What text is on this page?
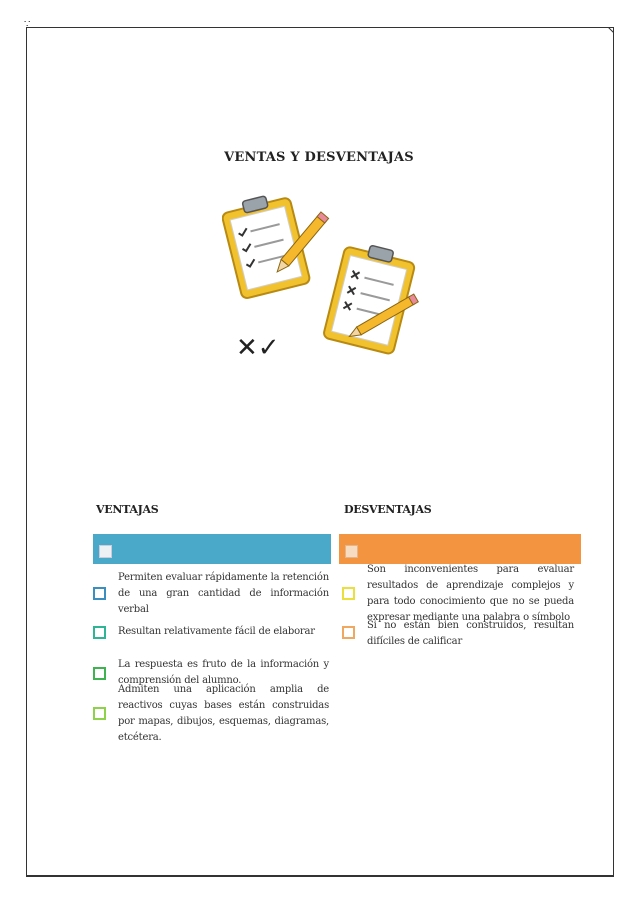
∵
VENTAS Y DESVENTAJAS
✕✓
VENTAJAS
Permiten evaluar rápidamente la retención de una gran cantidad de información verbal
Resultan relativamente fácil de elaborar
La respuesta es fruto de la información y comprensión del alumno.
Admiten una aplicación amplia de reactivos cuyas bases están construidas por mapas, dibujos, esquemas, diagramas, etcétera.
DESVENTAJAS
Son inconvenientes para evaluar resultados de aprendizaje complejos y para todo conocimiento que no se pueda expresar mediante una palabra o símbolo
Si no están bien construidos, resultan difíciles de calificar
